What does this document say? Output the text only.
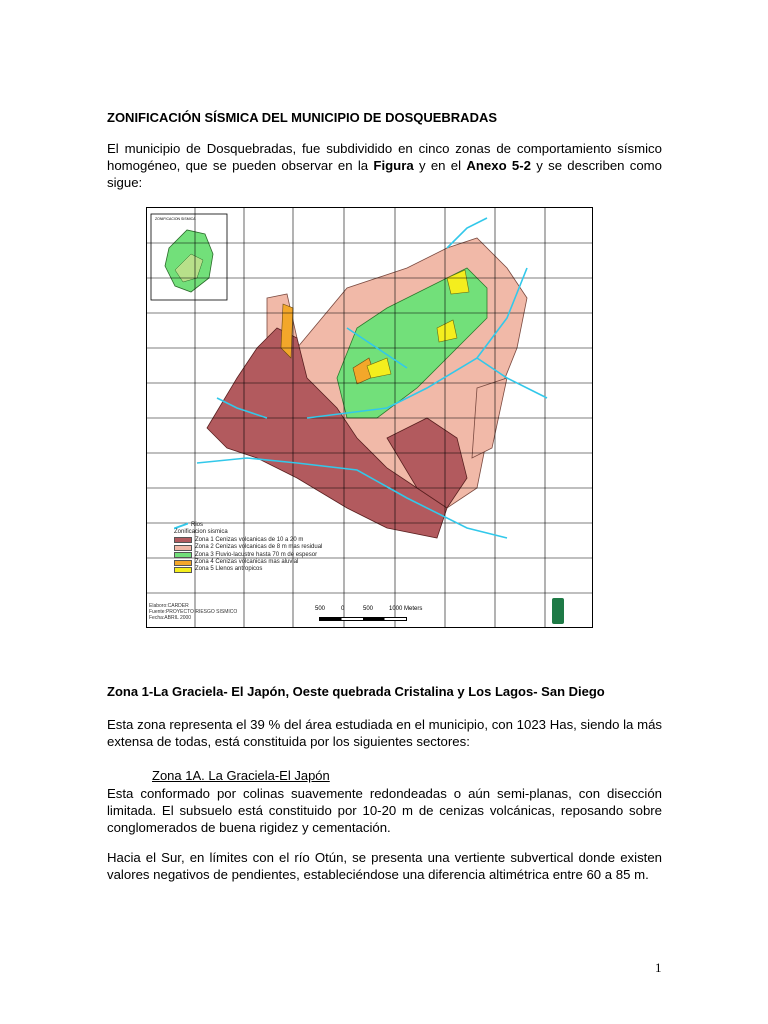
ZONIFICACIÓN SÍSMICA DEL MUNICIPIO DE DOSQUEBRADAS
El municipio de Dosquebradas, fue subdividido en cinco zonas de comportamiento sísmico homogéneo, que se pueden observar en la Figura y en el Anexo 5-2 y se describen como sigue:
ZONIFICACION SISMICA
Rios
Zonificacion sismica
Zona 1 Cenizas volcanicas de 10 a 20 m
Zona 2 Cenizas volcanicas de 8 m mas residual
Zona 3 Fluvio-lacustre hasta 70 m de espesor
Zona 4 Cenizas volcanicas mas aluvial
Zona 5 Llenos antropicos
Elaboro:CARDER
Fuente:PROYECTO RIESGO SISMICO
Fecha:ABRIL 2000
500	0	500	1000 Meters
Zona 1-La Graciela- El Japón, Oeste quebrada Cristalina y Los Lagos- San Diego
Esta zona representa el 39 % del área estudiada en el municipio, con 1023 Has, siendo la más extensa de todas, está constituida por los siguientes sectores:
Zona 1A. La Graciela-El Japón
Esta conformado por colinas suavemente redondeadas o aún semi-planas, con disección limitada. El subsuelo está constituido por 10-20 m de cenizas volcánicas, reposando sobre conglomerados de buena rigidez y cementación.
Hacia el Sur, en límites con el río Otún, se presenta una vertiente subvertical donde existen valores negativos de pendientes, estableciéndose una diferencia altimétrica entre 60 a 85 m.
1
